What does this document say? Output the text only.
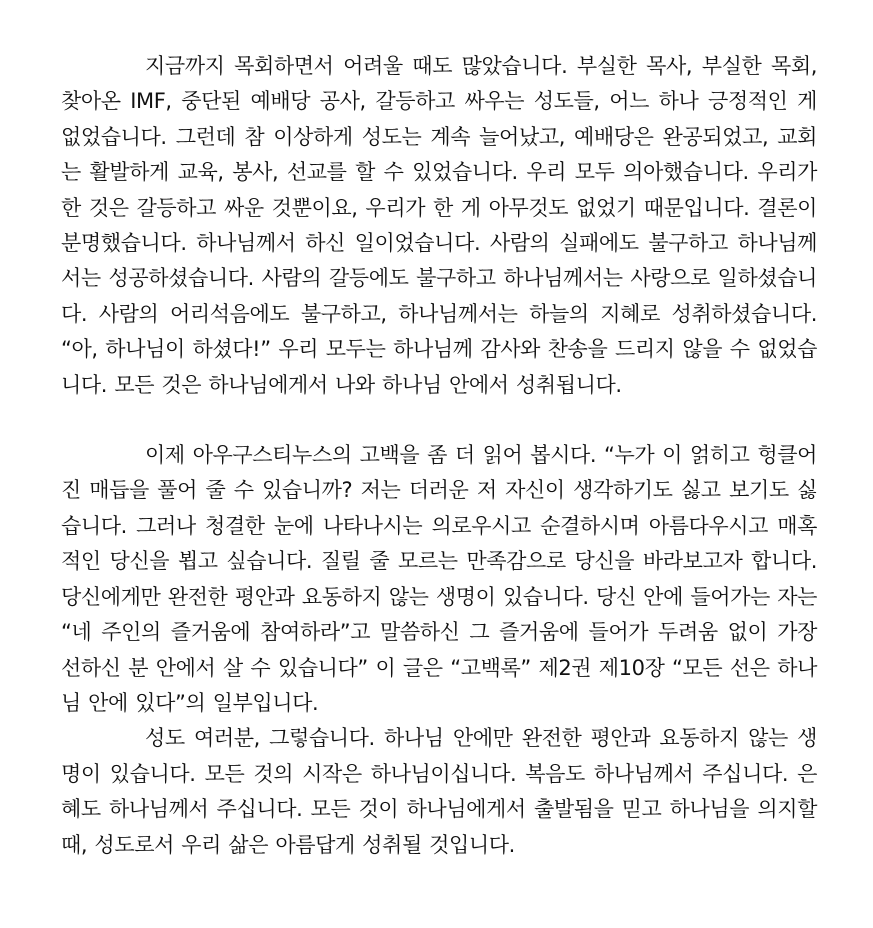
지금까지 목회하면서 어려울 때도 많았습니다. 부실한 목사, 부실한 목회, 찾아온 IMF, 중단된 예배당 공사, 갈등하고 싸우는 성도들, 어느 하나 긍정적인 게 없었습니다. 그런데 참 이상하게 성도는 계속 늘어났고, 예배당은 완공되었고, 교회는 활발하게 교육, 봉사, 선교를 할 수 있었습니다. 우리 모두 의아했습니다. 우리가 한 것은 갈등하고 싸운 것뿐이요, 우리가 한 게 아무것도 없었기 때문입니다. 결론이 분명했습니다. 하나님께서 하신 일이었습니다. 사람의 실패에도 불구하고 하나님께서는 성공하셨습니다. 사람의 갈등에도 불구하고 하나님께서는 사랑으로 일하셨습니다. 사람의 어리석음에도 불구하고, 하나님께서는 하늘의 지혜로 성취하셨습니다. “아, 하나님이 하셨다!” 우리 모두는 하나님께 감사와 찬송을 드리지 않을 수 없었습니다. 모든 것은 하나님에게서 나와 하나님 안에서 성취됩니다.

이제 아우구스티누스의 고백을 좀 더 읽어 봅시다. “누가 이 얽히고 헝클어진 매듭을 풀어 줄 수 있습니까? 저는 더러운 저 자신이 생각하기도 싫고 보기도 싫습니다. 그러나 청결한 눈에 나타나시는 의로우시고 순결하시며 아름다우시고 매혹적인 당신을 뵙고 싶습니다. 질릴 줄 모르는 만족감으로 당신을 바라보고자 합니다. 당신에게만 완전한 평안과 요동하지 않는 생명이 있습니다. 당신 안에 들어가는 자는 “네 주인의 즐거움에 참여하라”고 말씀하신 그 즐거움에 들어가 두려움 없이 가장 선하신 분 안에서 살 수 있습니다” 이 글은 “고백록” 제2권 제10장 “모든 선은 하나님 안에 있다”의 일부입니다.

성도 여러분, 그렇습니다. 하나님 안에만 완전한 평안과 요동하지 않는 생명이 있습니다. 모든 것의 시작은 하나님이십니다. 복음도 하나님께서 주십니다. 은혜도 하나님께서 주십니다. 모든 것이 하나님에게서 출발됨을 믿고 하나님을 의지할 때, 성도로서 우리 삶은 아름답게 성취될 것입니다.
